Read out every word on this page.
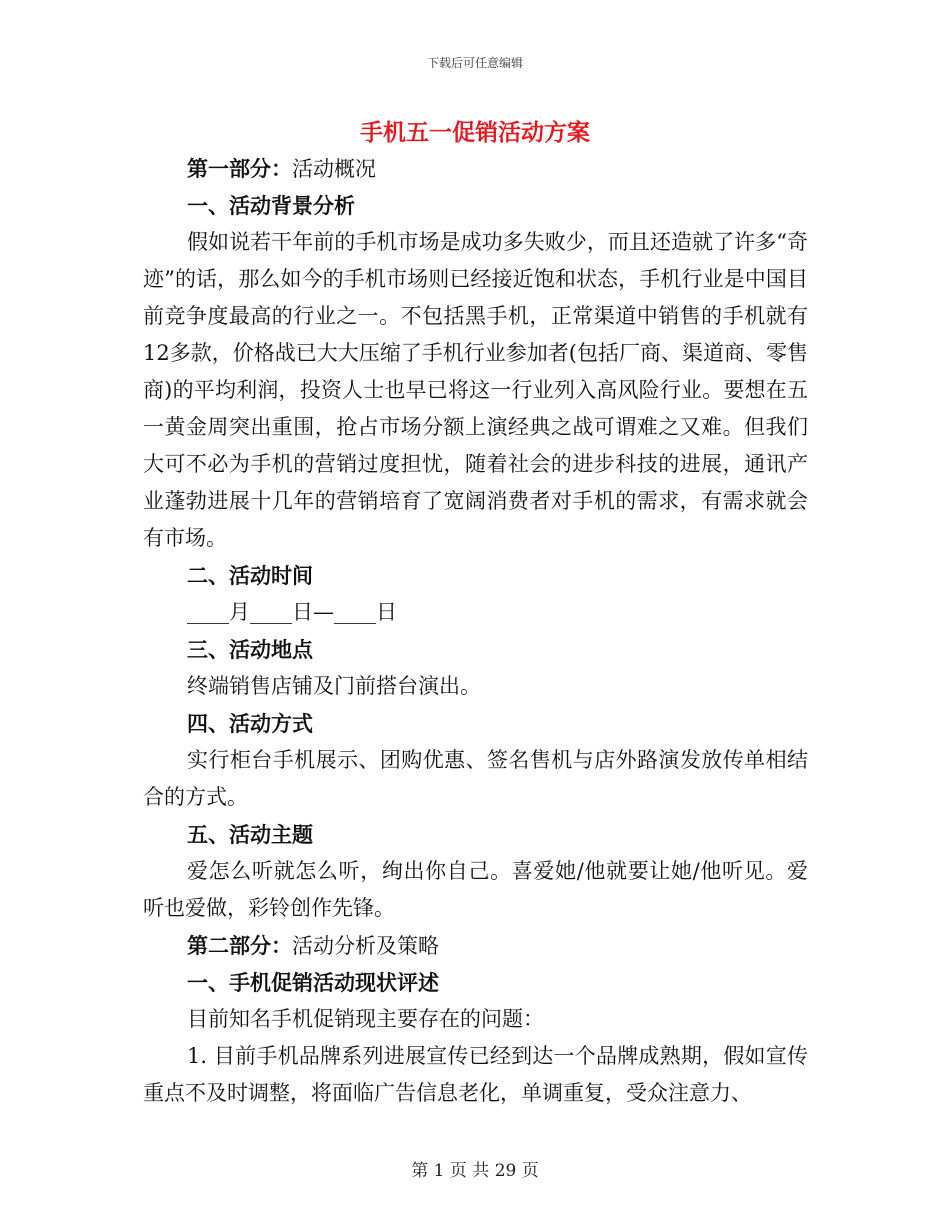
下载后可任意编辑
手机五一促销活动方案
第一部分：活动概况
一、活动背景分析
假如说若干年前的手机市场是成功多失败少，而且还造就了许多“奇迹”的话，那么如今的手机市场则已经接近饱和状态，手机行业是中国目前竞争度最高的行业之一。不包括黑手机，正常渠道中销售的手机就有12多款，价格战已大大压缩了手机行业参加者(包括厂商、渠道商、零售商)的平均利润，投资人士也早已将这一行业列入高风险行业。要想在五一黄金周突出重围，抢占市场分额上演经典之战可谓难之又难。但我们大可不必为手机的营销过度担忧，随着社会的进步科技的进展，通讯产业蓬勃进展十几年的营销培育了宽阔消费者对手机的需求，有需求就会有市场。
二、活动时间
____月____日—____日
三、活动地点
终端销售店铺及门前搭台演出。
四、活动方式
实行柜台手机展示、团购优惠、签名售机与店外路演发放传单相结合的方式。
五、活动主题
爱怎么听就怎么听，绚出你自己。喜爱她/他就要让她/他听见。爱听也爱做，彩铃创作先锋。
第二部分：活动分析及策略
一、手机促销活动现状评述
目前知名手机促销现主要存在的问题：
1. 目前手机品牌系列进展宣传已经到达一个品牌成熟期，假如宣传重点不及时调整，将面临广告信息老化，单调重复，受众注意力、
第 1 页 共 29 页
